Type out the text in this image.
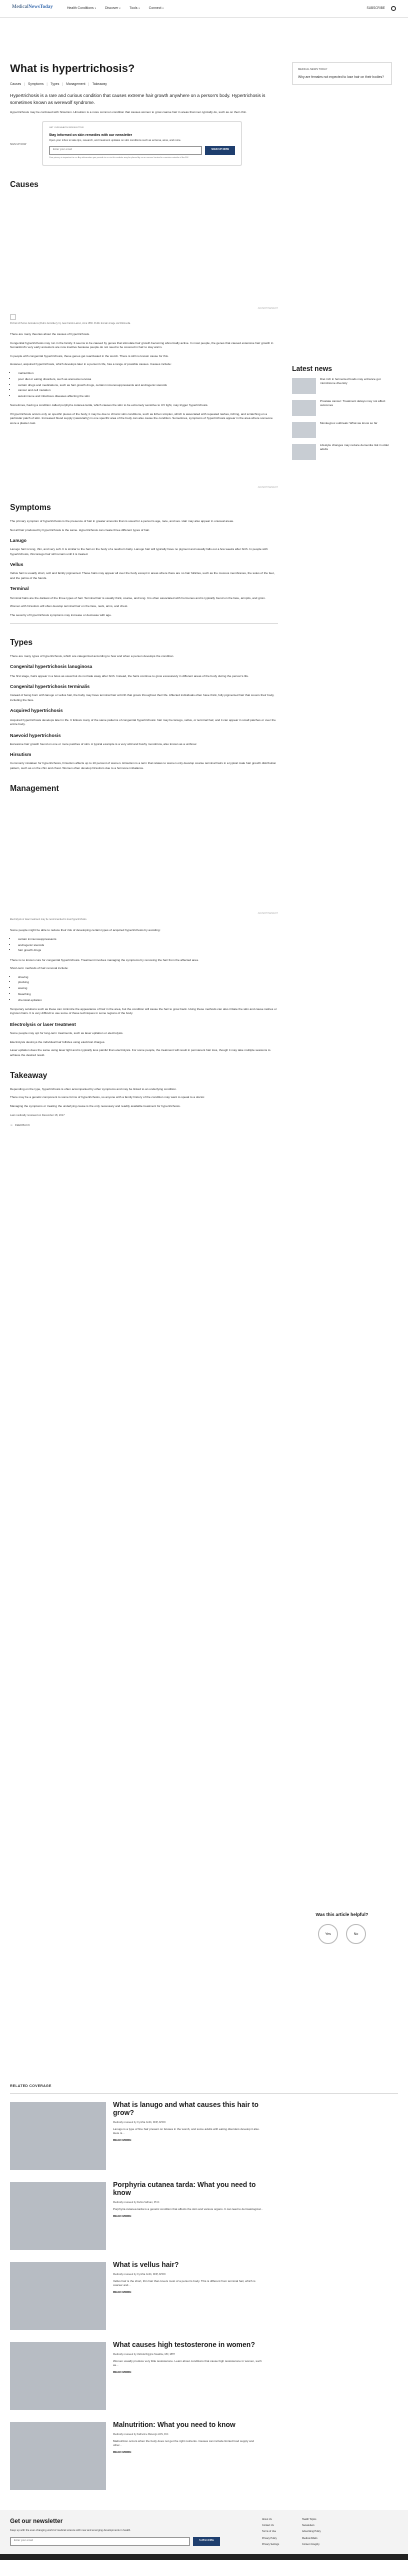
MedicalNewsToday	Health Conditions ▾	Discover ▾	Tools ▾	Connect ▾	SUBSCRIBE
What is hypertrichosis?
Causes | Symptoms | Types | Management | Takeaway
Hypertrichosis is a rare and curious condition that causes extreme hair growth anywhere on a person's body. Hypertrichosis is sometimes known as werewolf syndrome.

Hypertrichosis may be confused with hirsutism. Hirsutism is a more common condition that causes women to grow coarse hair in areas that men typically do, such as on their chin.

SIGN UP NOW
GET OUR HEALTH NEWSLETTER
Stay informed on skin remedies with our newsletter
Open your inbox to take tips, research, and treatment updates on skin conditions such as eczema, acne, and more.
Enter your email	SIGN UP NOW
Your privacy is important to us. Any information you provide to us via this website may be placed by us on servers located in countries outside of the EU.
Causes
ADVERTISEMENT
Portrait of Petrus Gonsalvus (Pedro González), by Jean Fantin-Latour, circa 1580. Public domain image via Wikimedia.

There are many theories about the causes of hypertrichosis.

Congenital hypertrichosis may run in the family. It seems to be caused by genes that stimulate hair growth becoming abnormally active. In most people, the genes that caused extensive hair growth in humankind's very early ancestors are now inactive because people do not need to be covered in hair to stay warm.

In people with congenital hypertrichosis, these genes get reactivated in the womb. There is still no known cause for this.

However, acquired hypertrichosis, which develops later in a person's life, has a range of possible causes. Causes include:

• malnutrition
• poor diet or eating disorders, such as anorexia nervosa
• certain drugs and medications, such as hair growth drugs, certain immunosuppressants and androgenic steroids
• cancer and cell mutation
• autoimmune and infectious diseases affecting the skin

Sometimes, having a condition called porphyria cutanea tarda, which causes the skin to be extremely sensitive to UV light, may trigger hypertrichosis.

If hypertrichosis occurs only on specific pieces of the body, it may be due to chronic skin conditions, such as lichen simplex, which is associated with repeated rashes, itching, and scratching on a particular patch of skin. Increased blood supply (vascularity) in one specific area of the body can also cause the condition. Sometimes, symptoms of hypertrichosis appear in the area where someone wore a plaster cast.

ADVERTISEMENT
Symptoms

The primary symptom of hypertrichosis is the presence of hair in greater amounts than is usual for a person's age, race, and sex. Hair may also appear in unusual areas.

Not all hair produced by hypertrichosis is the same. Hypertrichosis can create three different types of hair.

Lanugo

Lanugo hair is long, thin, and very soft. It is similar to the hair on the body of a newborn baby. Lanugo hair will typically have no pigment and usually falls out a few weeks after birth. In people with hypertrichosis, this lanugo hair will remain until it is treated.

Vellus

Vellus hair is usually short, soft and faintly pigmented. These hairs may appear all over the body except in areas where there are no hair follicles, such as the mucous membranes, the soles of the feet, and the palms of the hands.

Terminal

Terminal hairs are the darkest of the three types of hair. Terminal hair is usually thick, coarse, and long. It is often associated with hormones and is typically found on the face, armpits, and groin.

Women with hirsutism will often develop terminal hair on the face, neck, arms, and chest.

The severity of hypertrichosis symptoms may increase or decrease with age.

Types

There are many types of hypertrichosis, which are categorized according to how and when a person develops the condition.

Congenital hypertrichosis lanuginosa

The first stage, hairs appear in a fetus as usual but do not fade away after birth. Instead, the hairs continue to grow excessively in different areas of the body during the person's life.

Congenital hypertrichosis terminalis

Instead of being born with lanugo or vellus hair, the baby may have terminal hair at birth that grows throughout their life. Affected individuals often have thick, fully pigmented hair that covers their body, including the face.

Acquired hypertrichosis

Acquired hypertrichosis develops later in life. It follows many of the same patterns of congenital hypertrichosis: hair may be lanugo, vellus, or terminal hair, and it can appear in small patches or over the entire body.

Naevoid hypertrichosis

Excessive hair growth found on one or more patches of skin. A typical example is a very wild and bushy monobrow, also known as a unibrow.

Hirsutism

Commonly mistaken for hypertrichosis, hirsutism affects up to 10 percent of women. Hirsutism is a term that relates to women only develop coarse terminal hairs in a typical male hair growth distribution pattern, such as on the chin and chest. Women often develop hirsutism due to a hormone imbalance.

Management
ADVERTISEMENT
Electrolysis or laser treatment may be recommended to treat hypertrichosis.

Some people might be able to reduce their risk of developing certain types of acquired hypertrichosis by avoiding:

• certain immunosuppressants
• androgenic steroids
• hair growth drugs

There is no known cure for congenital hypertrichosis. Treatment involves managing the symptoms by removing the hair from the affected area.

Short-term methods of hair removal include:

• shaving
• plucking
• waxing
• bleaching
• chemical epilation

Temporary solutions such as these can minimize the appearance of hair in the area, but the condition will cause the hair to grow back. Using these methods can also irritate the skin and cause rashes or ingrown hairs. It is very difficult to use some of these techniques in some regions of the body.

Electrolysis or laser treatment

Some people may opt for long-term treatments, such as laser epilation or electrolysis.

Electrolysis destroys the individual hair follicles using electrical charges.

Laser epilation does the same using laser light and is typically less painful than electrolysis. For some people, the treatment will result in permanent hair loss, though it may take multiple sessions to achieve the desired result.

Takeaway

Depending on the type, hypertrichosis is often accompanied by other symptoms and may be linked to an underlying condition.

There may be a genetic component to some forms of hypertrichosis, so anyone with a family history of the condition may want to speak to a doctor.

Managing the symptoms or treating the underlying cause is the only necessary and readily available treatment for hypertrichosis.

Last medically reviewed on December 18, 2017
☺ FEEDBACK
MEDICAL NEWS TODAY
Why are females not expected to lose hair on their bodies?
Latest news
Diet rich in fermented foods may enhance gut microbiome diversity
Prostate cancer: Treatment delays may not affect outcomes
Monkeypox outbreak: What we know so far
Lifestyle changes may reduce dementia risk in older adults
Was this article helpful?
Yes	No
RELATED COVERAGE
What is lanugo and what causes this hair to grow?
Medically reviewed by Cynthia Cobb, DNP, APRN
Lanugo is a type of fine hair present on fetuses in the womb, and some adults with eating disorders develop it also. Here is...
READ MORE
Porphyria cutanea tarda: What you need to know
Medically reviewed by Debra Sullivan, Ph.D.
Porphyria cutanea tarda is a genetic condition that affects the skin and various organs. It can lead to dermatological...
READ MORE
What is vellus hair?
Medically reviewed by Cynthia Cobb, DNP, APRN
Vellus hair is the short, thin hair that covers most of a person's body. This is different from terminal hair, which is coarser and...
READ MORE
What causes high testosterone in women?
Medically reviewed by Valinda Riggins Nwadike, MD, MPH
Women usually produce very little testosterone. Learn about conditions that cause high testosterone in women, such as...
READ MORE
Malnutrition: What you need to know
Medically reviewed by Katherine Marengo LDN, R.D.
Malnutrition occurs when the body does not get the right nutrients. Causes can include limited food supply and other...
READ MORE
Get our newsletter
Keep up with the ever-changing world of medical science with new and emerging developments in health.
Enter your email	SUBSCRIBE
About Us	Health Topics
Contact Us	Newsletters
Terms of Use	Advertising Policy
Privacy Policy	Medical Affairs
Privacy Settings	Content Integrity
